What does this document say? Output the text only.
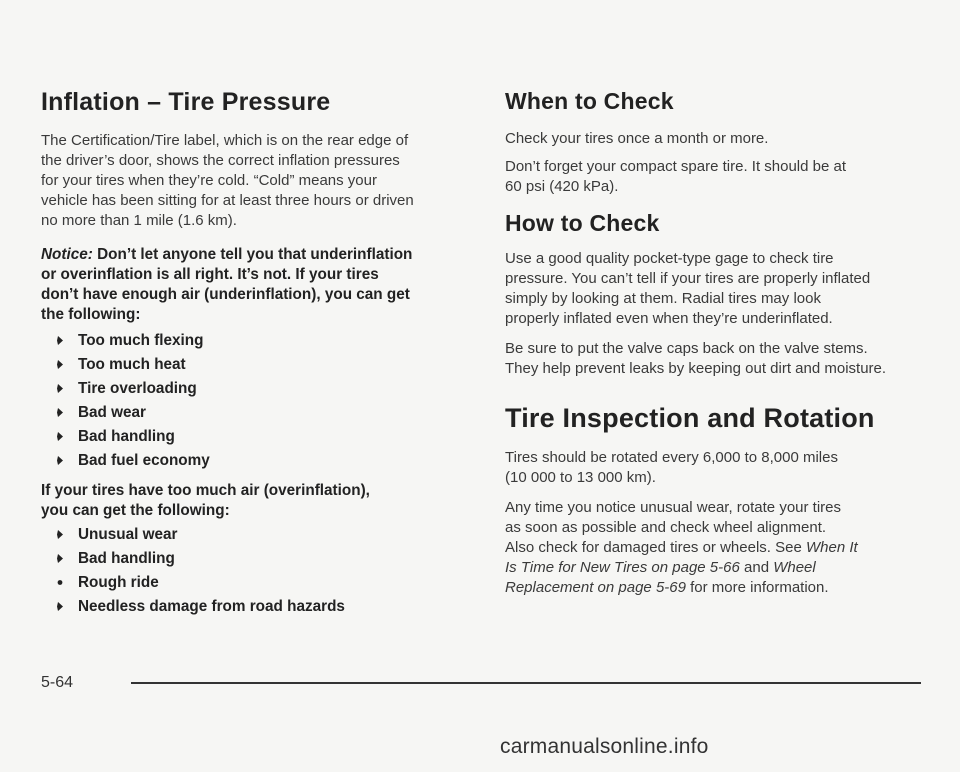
Inflation – Tire Pressure

The Certification/Tire label, which is on the rear edge of
the driver’s door, shows the correct inflation pressures
for your tires when they’re cold. “Cold” means your
vehicle has been sitting for at least three hours or driven
no more than 1 mile (1.6 km).

Notice: Don’t let anyone tell you that underinflation
or overinflation is all right. It’s not. If your tires
don’t have enough air (underinflation), you can get
the following:

Too much flexing
Too much heat
Tire overloading
Bad wear
Bad handling
Bad fuel economy

If your tires have too much air (overinflation),
you can get the following:

Unusual wear
Bad handling
Rough ride
Needless damage from road hazards
When to Check

Check your tires once a month or more.

Don’t forget your compact spare tire. It should be at
60 psi (420 kPa).

How to Check

Use a good quality pocket-type gage to check tire
pressure. You can’t tell if your tires are properly inflated
simply by looking at them. Radial tires may look
properly inflated even when they’re underinflated.

Be sure to put the valve caps back on the valve stems.
They help prevent leaks by keeping out dirt and moisture.

Tire Inspection and Rotation

Tires should be rotated every 6,000 to 8,000 miles
(10 000 to 13 000 km).

Any time you notice unusual wear, rotate your tires
as soon as possible and check wheel alignment.
Also check for damaged tires or wheels. See When It
Is Time for New Tires on page 5-66 and Wheel
Replacement on page 5-69 for more information.

5-64
carmanualsonline.info
